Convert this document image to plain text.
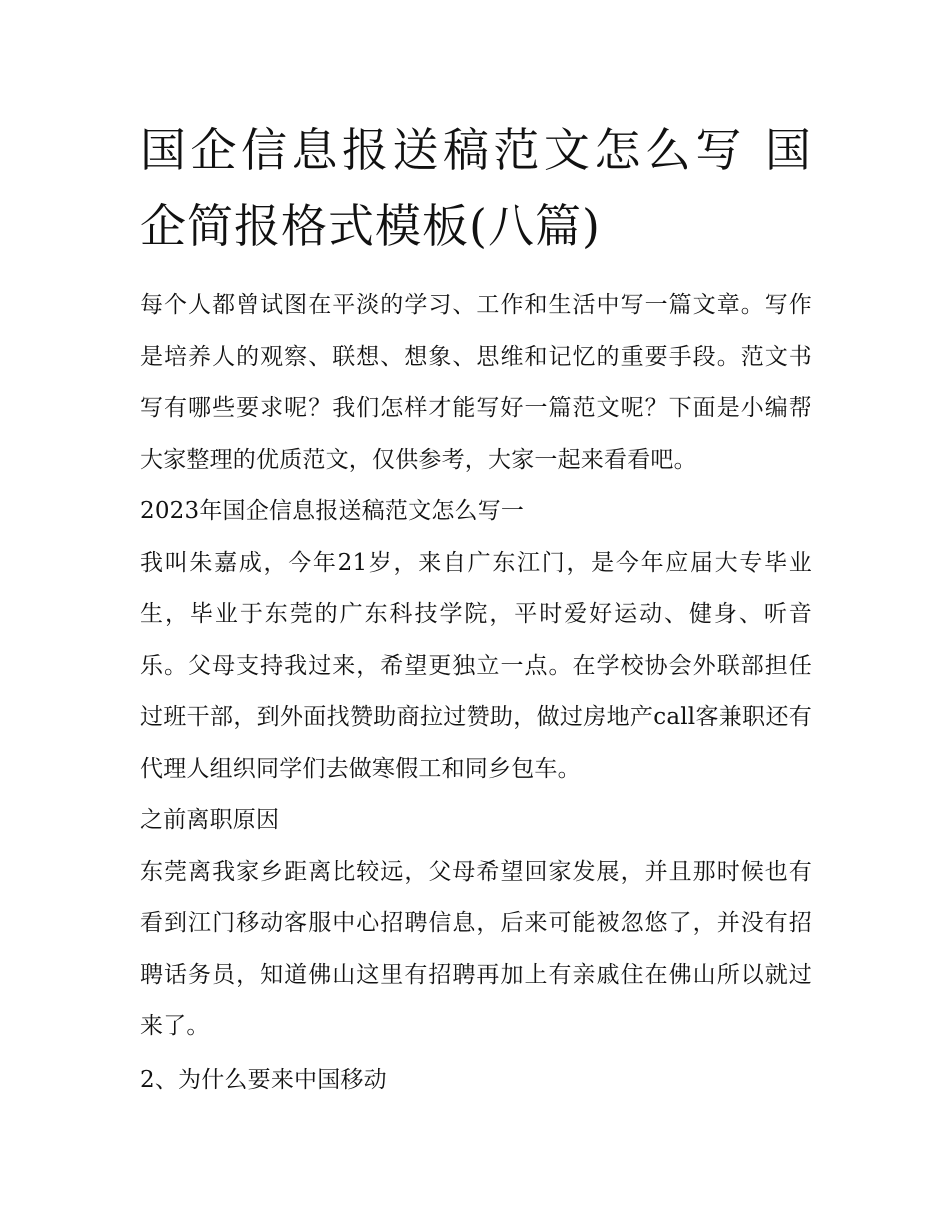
国企信息报送稿范文怎么写 国企简报格式模板(八篇)

每个人都曾试图在平淡的学习、工作和生活中写一篇文章。写作是培养人的观察、联想、想象、思维和记忆的重要手段。范文书写有哪些要求呢？我们怎样才能写好一篇范文呢？下面是小编帮大家整理的优质范文，仅供参考，大家一起来看看吧。

2023年国企信息报送稿范文怎么写一

我叫朱嘉成，今年21岁，来自广东江门，是今年应届大专毕业生，毕业于东莞的广东科技学院，平时爱好运动、健身、听音乐。父母支持我过来，希望更独立一点。在学校协会外联部担任过班干部，到外面找赞助商拉过赞助，做过房地产call客兼职还有代理人组织同学们去做寒假工和同乡包车。

之前离职原因

东莞离我家乡距离比较远，父母希望回家发展，并且那时候也有看到江门移动客服中心招聘信息，后来可能被忽悠了，并没有招聘话务员，知道佛山这里有招聘再加上有亲戚住在佛山所以就过来了。

2、为什么要来中国移动
